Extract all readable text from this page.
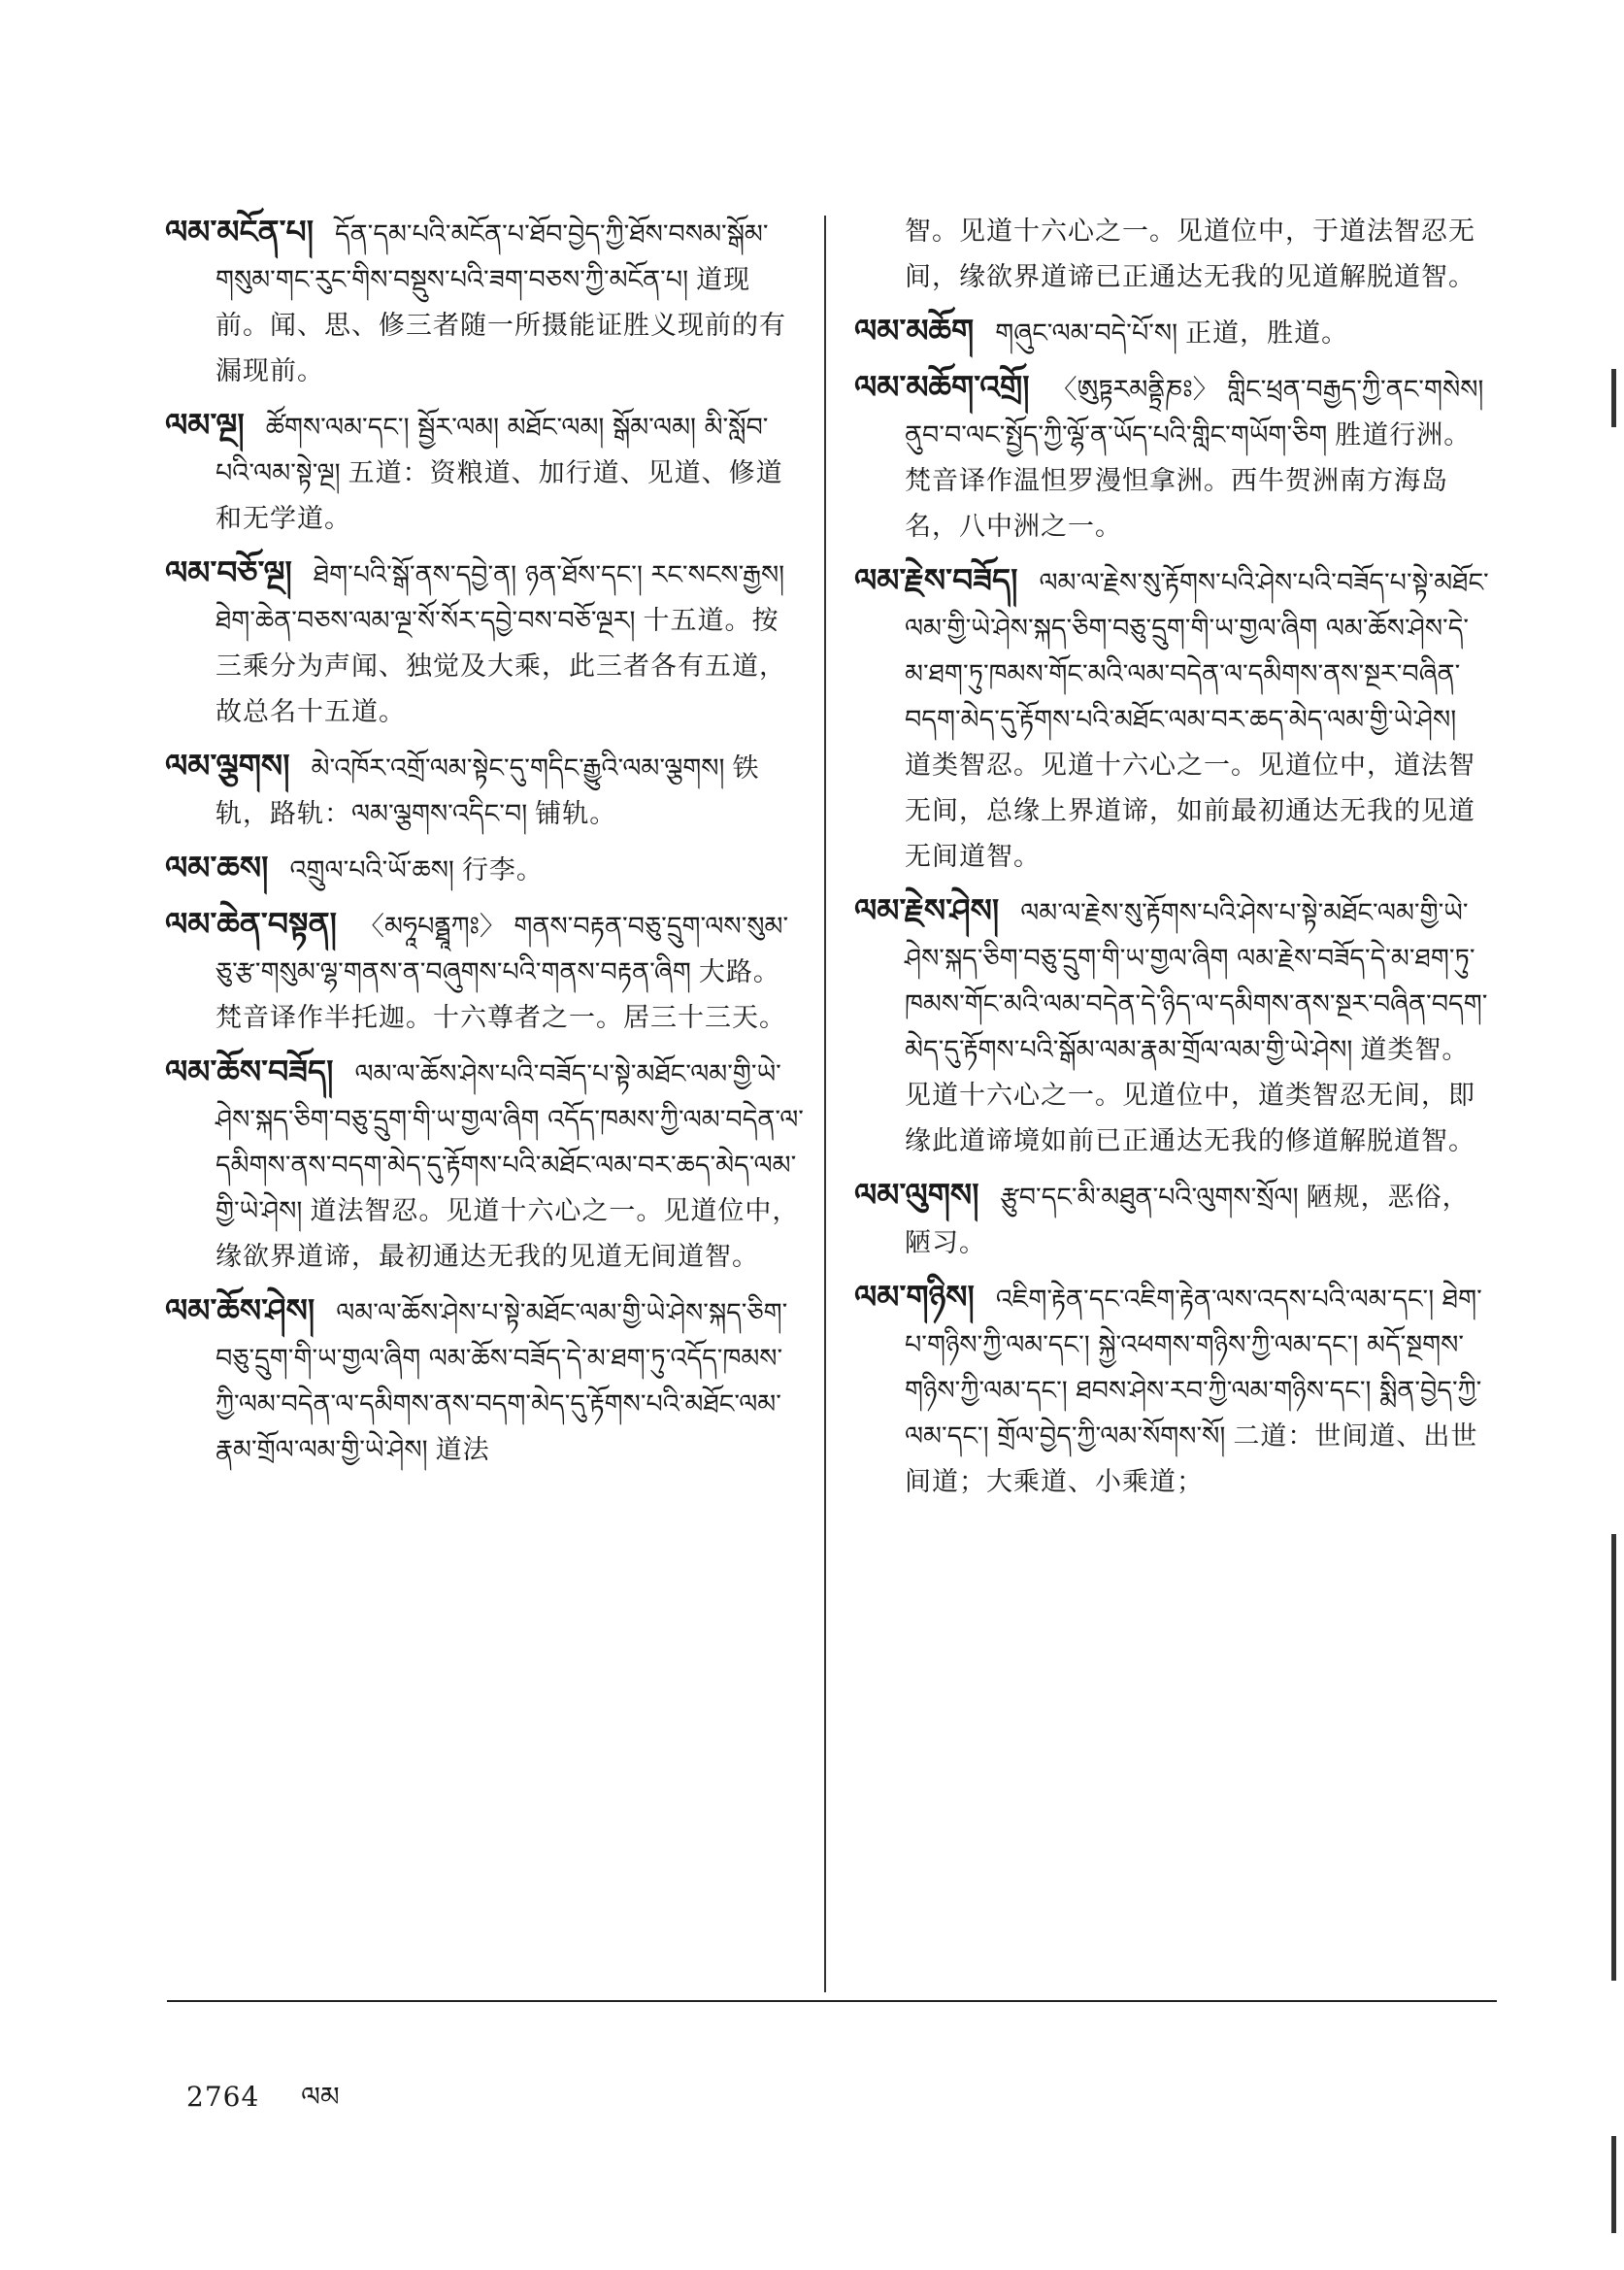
ལམ་མངོན་པ། དོན་དམ་པའི་མངོན་པ་ཐོབ་བྱེད་ཀྱི་ཐོས་བསམ་སྒོམ་གསུམ་གང་རུང་གིས་བསྡུས་པའི་ཟག་བཅས་ཀྱི་མངོན་པ། 道现前。闻、思、修三者随一所摄能证胜义现前的有漏现前。

ལམ་ལྔ། ཚོགས་ལམ་དང་། སྦྱོར་ལམ། མཐོང་ལམ། སྒོམ་ལམ། མི་སློབ་པའི་ལམ་སྟེ་ལྔ། 五道：资粮道、加行道、见道、修道和无学道。

ལམ་བཅོ་ལྔ། ཐེག་པའི་སྒོ་ནས་དབྱེ་ན། ཉན་ཐོས་དང་། རང་སངས་རྒྱས། ཐེག་ཆེན་བཅས་ལམ་ལྔ་སོ་སོར་དབྱེ་བས་བཅོ་ལྔར། 十五道。按三乘分为声闻、独觉及大乘，此三者各有五道，故总名十五道。

ལམ་ལྕགས། མེ་འཁོར་འགྲོ་ལམ་སྟེང་དུ་གདིང་རྒྱུའི་ལམ་ལྕགས། 铁轨，路轨：ལམ་ལྕགས་འདིང་བ། 铺轨。

ལམ་ཆས། འགྲུལ་པའི་ཡོ་ཆས། 行李。

ལམ་ཆེན་བསྟན། 〈མཧཱཔནྠཱཀཿ〉 གནས་བརྟན་བཅུ་དྲུག་ལས་སུམ་ཅུ་རྩ་གསུམ་ལྷ་གནས་ན་བཞུགས་པའི་གནས་བརྟན་ཞིག 大路。梵音译作半托迦。十六尊者之一。居三十三天。

ལམ་ཆོས་བཟོད། ལམ་ལ་ཆོས་ཤེས་པའི་བཟོད་པ་སྟེ་མཐོང་ལམ་གྱི་ཡེ་ཤེས་སྐད་ཅིག་བཅུ་དྲུག་གི་ཡ་གྱལ་ཞིག འདོད་ཁམས་ཀྱི་ལམ་བདེན་ལ་དམིགས་ནས་བདག་མེད་དུ་རྟོགས་པའི་མཐོང་ལམ་བར་ཆད་མེད་ལམ་གྱི་ཡེ་ཤེས། 道法智忍。见道十六心之一。见道位中，缘欲界道谛，最初通达无我的见道无间道智。

ལམ་ཆོས་ཤེས། ལམ་ལ་ཆོས་ཤེས་པ་སྟེ་མཐོང་ལམ་གྱི་ཡེ་ཤེས་སྐད་ཅིག་བཅུ་དྲུག་གི་ཡ་གྱལ་ཞིག ལམ་ཆོས་བཟོད་དེ་མ་ཐག་ཏུ་འདོད་ཁམས་ཀྱི་ལམ་བདེན་ལ་དམིགས་ནས་བདག་མེད་དུ་རྟོགས་པའི་མཐོང་ལམ་རྣམ་གྲོལ་ལམ་གྱི་ཡེ་ཤེས། 道法

智。见道十六心之一。见道位中，于道法智忍无间，缘欲界道谛已正通达无我的见道解脱道智。

ལམ་མཆོག གཞུང་ལམ་བདེ་པོ་ས། 正道，胜道。

ལམ་མཆོག་འགྲོ། 〈ཨུཏྟརམནྟྲིཎཿ〉 གླིང་ཕྲན་བརྒྱད་ཀྱི་ནང་གསེས། ནུབ་བ་ལང་སྤྱོད་ཀྱི་ལྷོ་ན་ཡོད་པའི་གླིང་གཡོག་ཅིག 胜道行洲。梵音译作温怛罗漫怛拿洲。西牛贺洲南方海岛名，八中洲之一。

ལམ་རྗེས་བཟོད། ལམ་ལ་རྗེས་སུ་རྟོགས་པའི་ཤེས་པའི་བཟོད་པ་སྟེ་མཐོང་ལམ་གྱི་ཡེ་ཤེས་སྐད་ཅིག་བཅུ་དྲུག་གི་ཡ་གྱལ་ཞིག ལམ་ཆོས་ཤེས་དེ་མ་ཐག་ཏུ་ཁམས་གོང་མའི་ལམ་བདེན་ལ་དམིགས་ནས་སྔར་བཞིན་བདག་མེད་དུ་རྟོགས་པའི་མཐོང་ལམ་བར་ཆད་མེད་ལམ་གྱི་ཡེ་ཤེས།道类智忍。见道十六心之一。见道位中，道法智无间，总缘上界道谛，如前最初通达无我的见道无间道智。

ལམ་རྗེས་ཤེས། ལམ་ལ་རྗེས་སུ་རྟོགས་པའི་ཤེས་པ་སྟེ་མཐོང་ལམ་གྱི་ཡེ་ཤེས་སྐད་ཅིག་བཅུ་དྲུག་གི་ཡ་གྱལ་ཞིག ལམ་རྗེས་བཟོད་དེ་མ་ཐག་ཏུ་ཁམས་གོང་མའི་ལམ་བདེན་དེ་ཉིད་ལ་དམིགས་ནས་སྔར་བཞིན་བདག་མེད་དུ་རྟོགས་པའི་སྒོམ་ལམ་རྣམ་གྲོལ་ལམ་གྱི་ཡེ་ཤེས། 道类智。见道十六心之一。见道位中，道类智忍无间，即缘此道谛境如前已正通达无我的修道解脱道智。

ལམ་ལུགས། རྩུབ་དང་མི་མཐུན་པའི་ལུགས་སྲོལ། 陋规，恶俗，陋习。

ལམ་གཉིས། འཇིག་རྟེན་དང་འཇིག་རྟེན་ལས་འདས་པའི་ལམ་དང་། ཐེག་པ་གཉིས་ཀྱི་ལམ་དང་། སྐྱེ་འཕགས་གཉིས་ཀྱི་ལམ་དང་། མདོ་སྔགས་གཉིས་ཀྱི་ལམ་དང་། ཐབས་ཤེས་རབ་ཀྱི་ལམ་གཉིས་དང་། སྨིན་བྱེད་ཀྱི་ལམ་དང་། གྲོལ་བྱེད་ཀྱི་ལམ་སོགས་སོ། 二道：世间道、出世间道；大乘道、小乘道；

2764 ལམ
